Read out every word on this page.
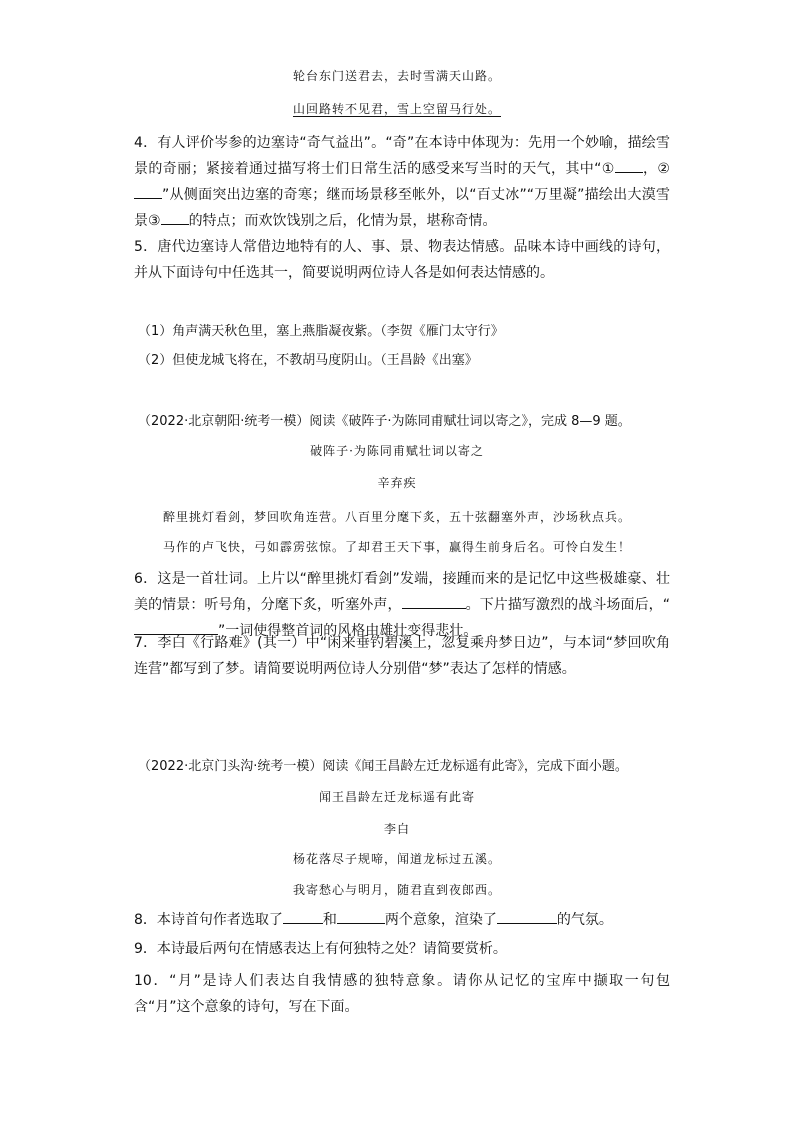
轮台东门送君去，去时雪满天山路。
山回路转不见君，雪上空留马行处。

4．有人评价岑参的边塞诗“奇气益出”。“奇”在本诗中体现为：先用一个妙喻，描绘雪景的奇丽；紧接着通过描写将士们日常生活的感受来写当时的天气，其中“① ，②”从侧面突出边塞的奇寒；继而场景移至帐外，以“百丈冰”“万里凝”描绘出大漠雪景③ 的特点；而欢饮饯别之后，化情为景，堪称奇情。

5．唐代边塞诗人常借边地特有的人、事、景、物表达情感。品味本诗中画线的诗句，并从下面诗句中任选其一，简要说明两位诗人各是如何表达情感的。

（1）角声满天秋色里，塞上燕脂凝夜紫。（李贺《雁门太守行》
（2）但使龙城飞将在，不教胡马度阴山。（王昌龄《出塞》
（2022·北京朝阳·统考一模）阅读《破阵子·为陈同甫赋壮词以寄之》，完成 8—9 题。
破阵子·为陈同甫赋壮词以寄之
辛弃疾
醉里挑灯看剑，梦回吹角连营。八百里分麾下炙，五十弦翻塞外声，沙场秋点兵。
马作的卢飞快，弓如霹雳弦惊。了却君王天下事，赢得生前身后名。可怜白发生！

6．这是一首壮词。上片以“醉里挑灯看剑”发端，接踵而来的是记忆中这些极雄豪、壮美的情景：听号角，分麾下炙，听塞外声，	。下片描写激烈的战斗场面后，“”一词使得整首词的风格由雄壮变得悲壮。

7．李白《行路难》(其一）中“闲来垂钓碧溪上，忽复乘舟梦日边”，与本词“梦回吹角连营”都写到了梦。请简要说明两位诗人分别借“梦”表达了怎样的情感。

（2022·北京门头沟·统考一模）阅读《闻王昌龄左迁龙标遥有此寄》，完成下面小题。
闻王昌龄左迁龙标遥有此寄
李白
杨花落尽子规啼，闻道龙标过五溪。
我寄愁心与明月，随君直到夜郎西。

8．本诗首句作者选取了	和	两个意象，渲染了	的气氛。

9．本诗最后两句在情感表达上有何独特之处？请简要赏析。

10．“月”是诗人们表达自我情感的独特意象。请你从记忆的宝库中撷取一句包含“月”这个意象的诗句，写在下面。
